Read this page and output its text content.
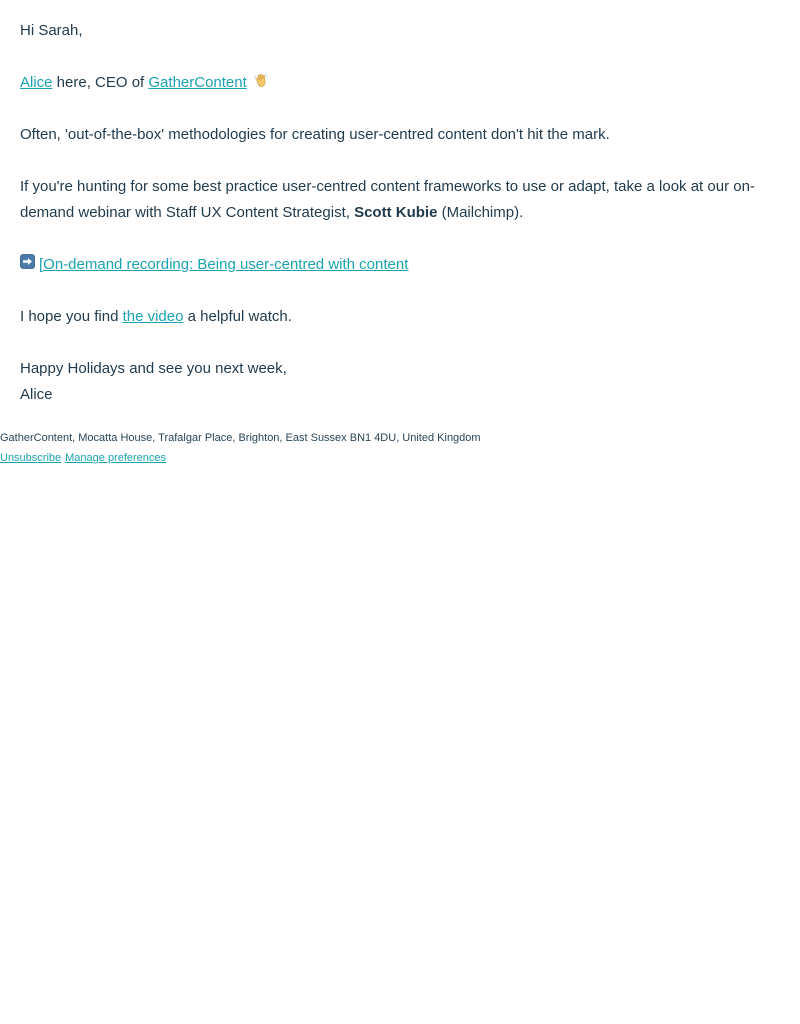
Hi Sarah,

Alice here, CEO of GatherContent

Often, 'out-of-the-box' methodologies for creating user-centred content don't hit the mark.

If you're hunting for some best practice user-centred content frameworks to use or adapt, take a look at our on-demand webinar with Staff UX Content Strategist, Scott Kubie (Mailchimp).

[On-demand recording: Being user-centred with content

I hope you find the video a helpful watch.

Happy Holidays and see you next week,
Alice

GatherContent, Mocatta House, Trafalgar Place, Brighton, East Sussex BN1 4DU, United Kingdom
Unsubscribe Manage preferences
